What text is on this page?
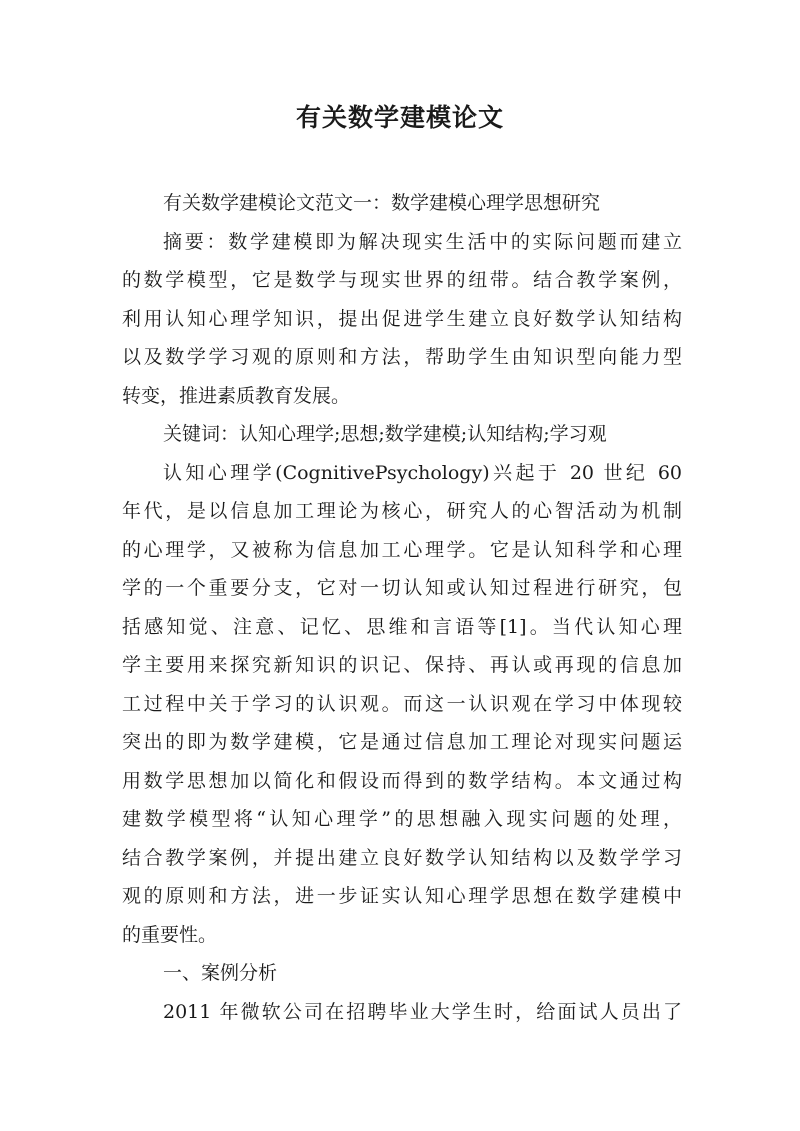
有关数学建模论文
有关数学建模论文范文一：数学建模心理学思想研究
摘要：数学建模即为解决现实生活中的实际问题而建立
的数学模型，它是数学与现实世界的纽带。结合教学案例，
利用认知心理学知识，提出促进学生建立良好数学认知结构
以及数学学习观的原则和方法，帮助学生由知识型向能力型
转变，推进素质教育发展。
关键词：认知心理学;思想;数学建模;认知结构;学习观
认知心理学(CognitivePsychology)兴起于 20 世纪 60
年代，是以信息加工理论为核心，研究人的心智活动为机制
的心理学，又被称为信息加工心理学。它是认知科学和心理
学的一个重要分支，它对一切认知或认知过程进行研究，包
括感知觉、注意、记忆、思维和言语等[1]。当代认知心理
学主要用来探究新知识的识记、保持、再认或再现的信息加
工过程中关于学习的认识观。而这一认识观在学习中体现较
突出的即为数学建模，它是通过信息加工理论对现实问题运
用数学思想加以简化和假设而得到的数学结构。本文通过构
建数学模型将“认知心理学”的思想融入现实问题的处理，
结合教学案例，并提出建立良好数学认知结构以及数学学习
观的原则和方法，进一步证实认知心理学思想在数学建模中
的重要性。
一、案例分析
2011 年微软公司在招聘毕业大学生时，给面试人员出了
